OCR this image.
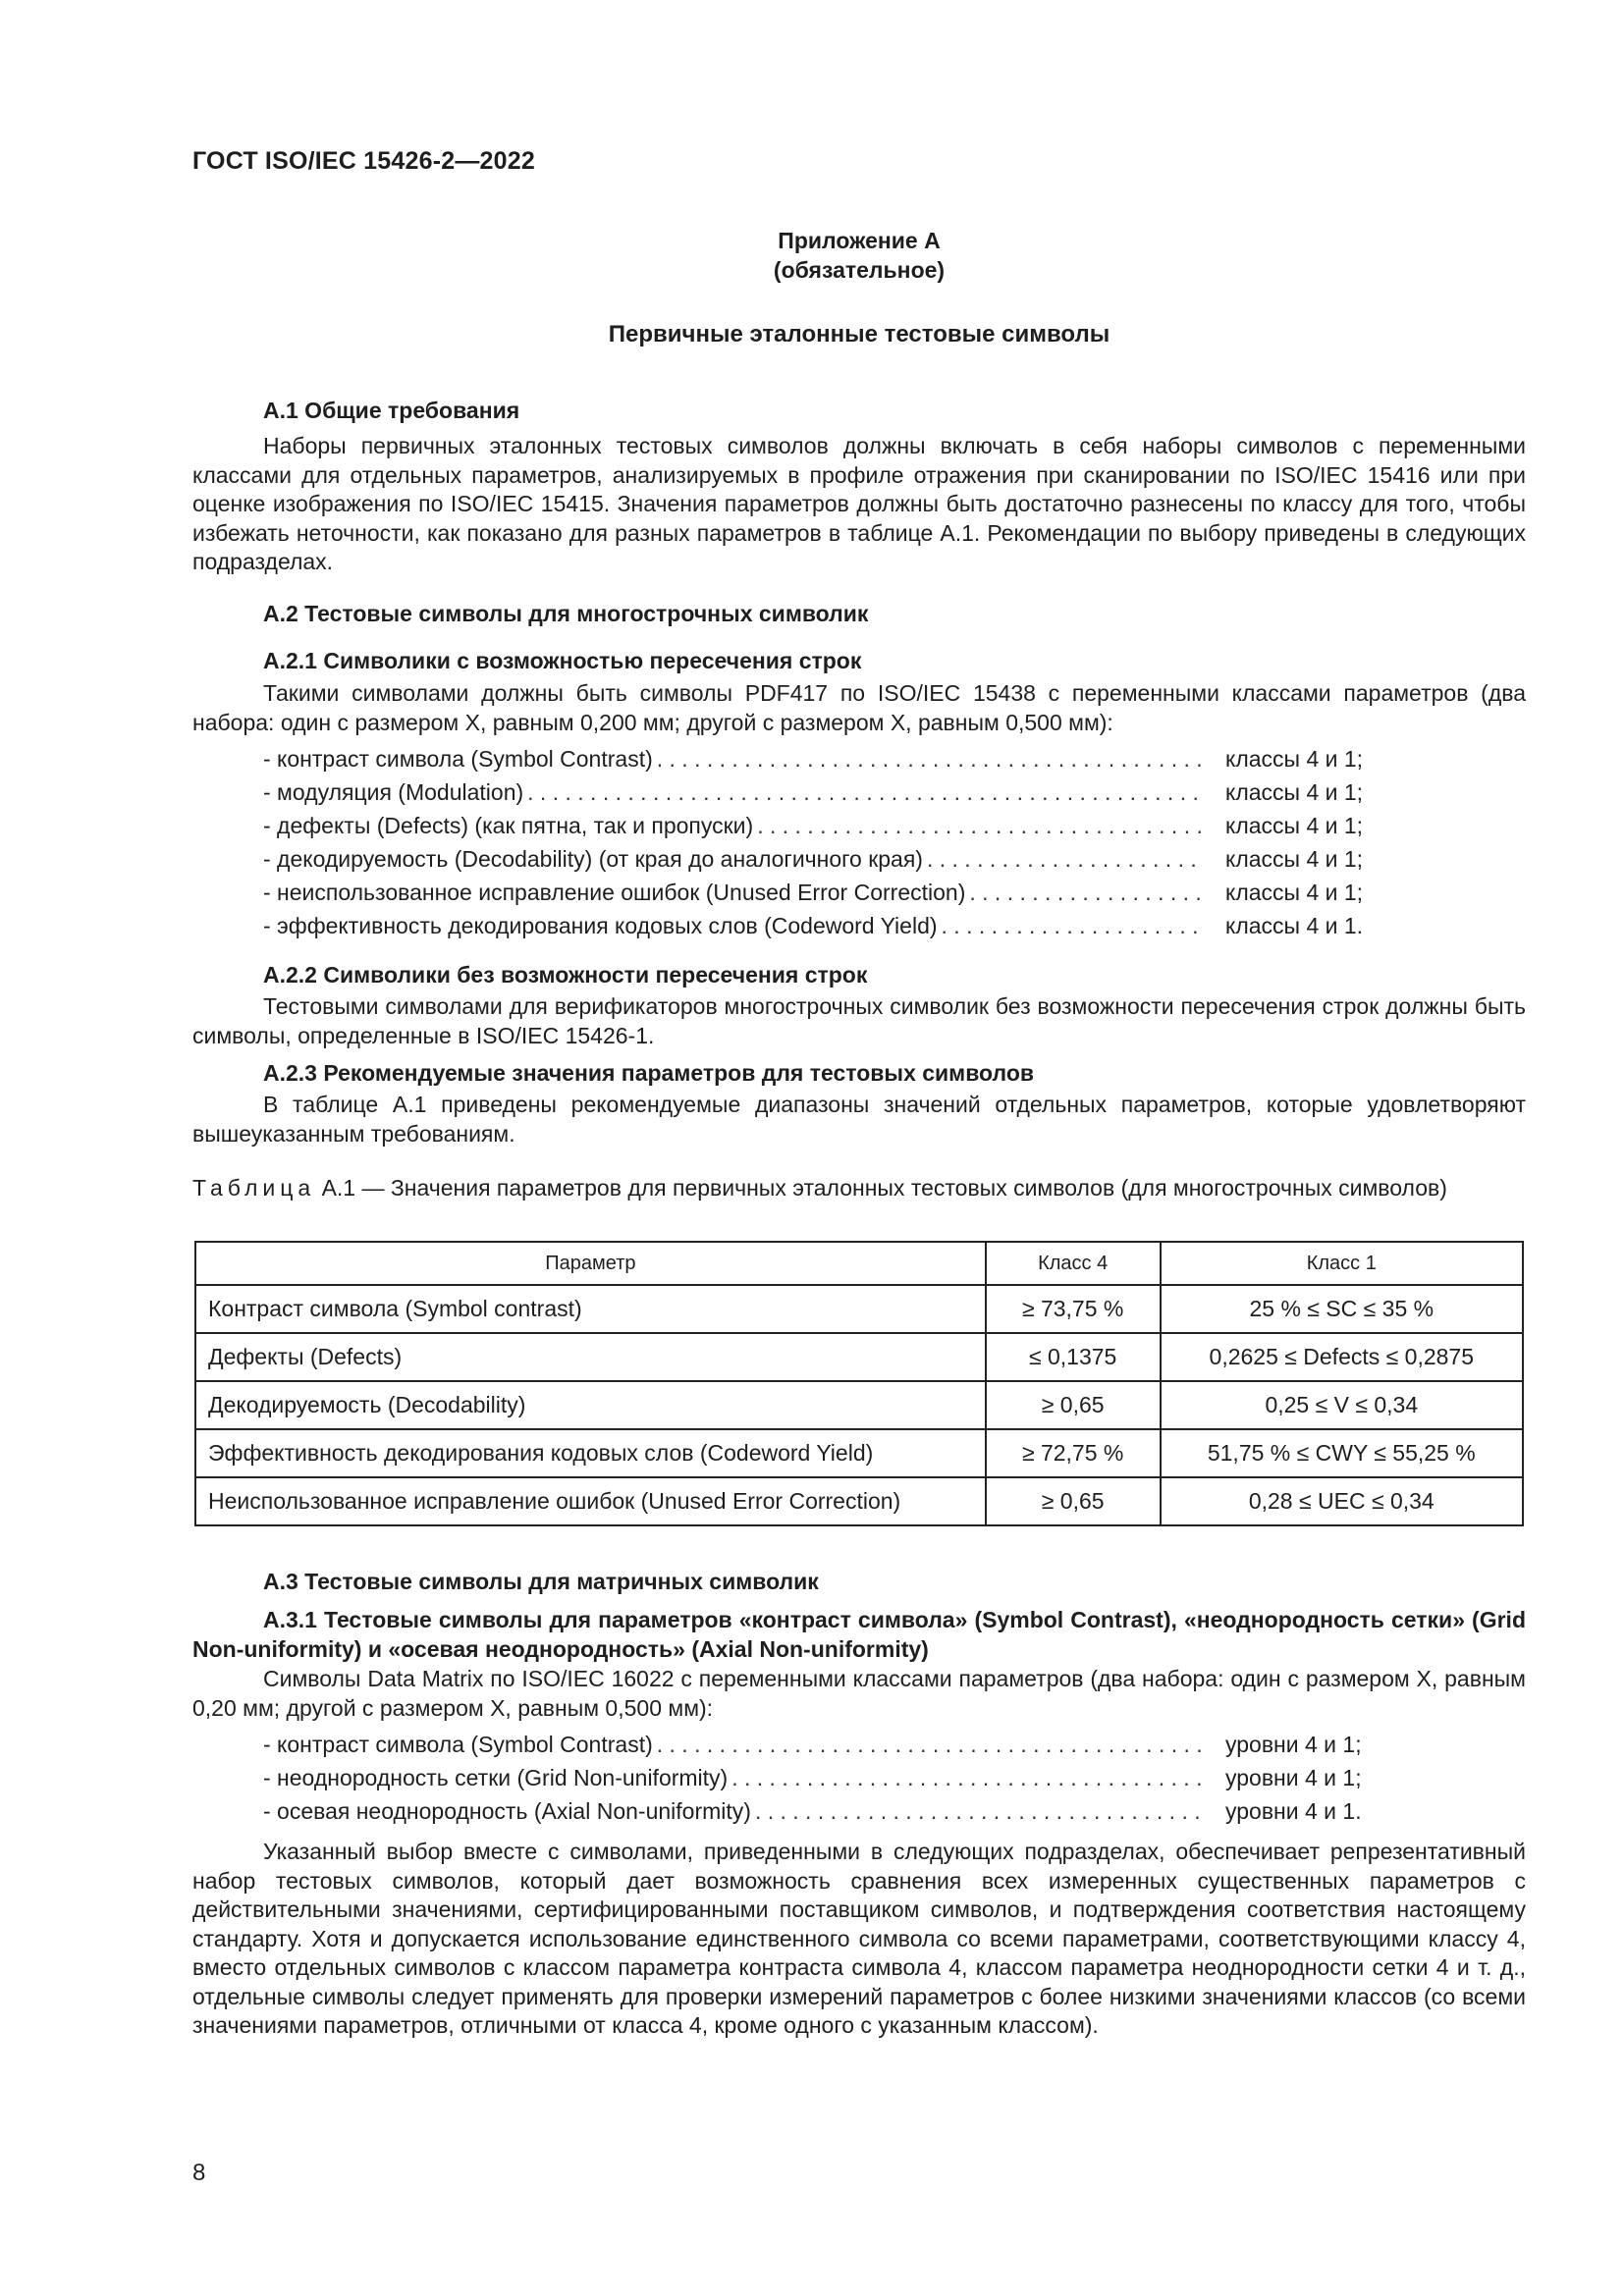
ГОСТ ISO/IEC 15426-2—2022
Приложение А
(обязательное)
Первичные эталонные тестовые символы
А.1 Общие требования

Наборы первичных эталонных тестовых символов должны включать в себя наборы символов с переменными классами для отдельных параметров, анализируемых в профиле отражения при сканировании по ISO/IEC 15416 или при оценке изображения по ISO/IEC 15415. Значения параметров должны быть достаточно разнесены по классу для того, чтобы избежать неточности, как показано для разных параметров в таблице А.1. Рекомендации по выбору приведены в следующих подразделах.

А.2 Тестовые символы для многострочных символик
А.2.1 Символики с возможностью пересечения строк

Такими символами должны быть символы PDF417 по ISO/IEC 15438 с переменными классами параметров (два набора: один с размером X, равным 0,200 мм; другой с размером X, равным 0,500 мм):

- контраст символа (Symbol Contrast) . . .	классы 4 и 1;
- модуляция (Modulation) . . .	классы 4 и 1;
- дефекты (Defects) (как пятна, так и пропуски) . . .	классы 4 и 1;
- декодируемость (Decodability) (от края до аналогичного края) . . .	классы 4 и 1;
- неиспользованное исправление ошибок (Unused Error Correction) . . .	классы 4 и 1;
- эффективность декодирования кодовых слов (Codeword Yield) . . .	классы 4 и 1.
А.2.2 Символики без возможности пересечения строк

Тестовыми символами для верификаторов многострочных символик без возможности пересечения строк должны быть символы, определенные в ISO/IEC 15426-1.

А.2.3 Рекомендуемые значения параметров для тестовых символов

В таблице А.1 приведены рекомендуемые диапазоны значений отдельных параметров, которые удовлетворяют вышеуказанным требованиям.

Таблица А.1 — Значения параметров для первичных эталонных тестовых символов (для многострочных символов)
Параметр	Класс 4	Класс 1
Контраст символа (Symbol contrast)	≥ 73,75 %	25 % ≤ SC ≤ 35 %
Дефекты (Defects)	≤ 0,1375	0,2625 ≤ Defects ≤ 0,2875
Декодируемость (Decodability)	≥ 0,65	0,25 ≤ V ≤ 0,34
Эффективность декодирования кодовых слов (Codeword Yield)	≥ 72,75 %	51,75 % ≤ CWY ≤ 55,25 %
Неиспользованное исправление ошибок (Unused Error Correction)	≥ 0,65	0,28 ≤ UEC ≤ 0,34
А.3 Тестовые символы для матричных символик

А.3.1 Тестовые символы для параметров «контраст символа» (Symbol Contrast), «неоднородность сетки» (Grid Non-uniformity) и «осевая неоднородность» (Axial Non-uniformity)

Символы Data Matrix по ISO/IEC 16022 с переменными классами параметров (два набора: один с размером X, равным 0,20 мм; другой с размером X, равным 0,500 мм):

- контраст символа (Symbol Contrast) . . .	уровни 4 и 1;
- неоднородность сетки (Grid Non-uniformity) . . .	уровни 4 и 1;
- осевая неоднородность (Axial Non-uniformity) . . .	уровни 4 и 1.

Указанный выбор вместе с символами, приведенными в следующих подразделах, обеспечивает репрезентативный набор тестовых символов, который дает возможность сравнения всех измеренных существенных параметров с действительными значениями, сертифицированными поставщиком символов, и подтверждения соответствия настоящему стандарту. Хотя и допускается использование единственного символа со всеми параметрами, соответствующими классу 4, вместо отдельных символов с классом параметра контраста символа 4, классом параметра неоднородности сетки 4 и т. д., отдельные символы следует применять для проверки измерений параметров с более низкими значениями классов (со всеми значениями параметров, отличными от класса 4, кроме одного с указанным классом).

8
